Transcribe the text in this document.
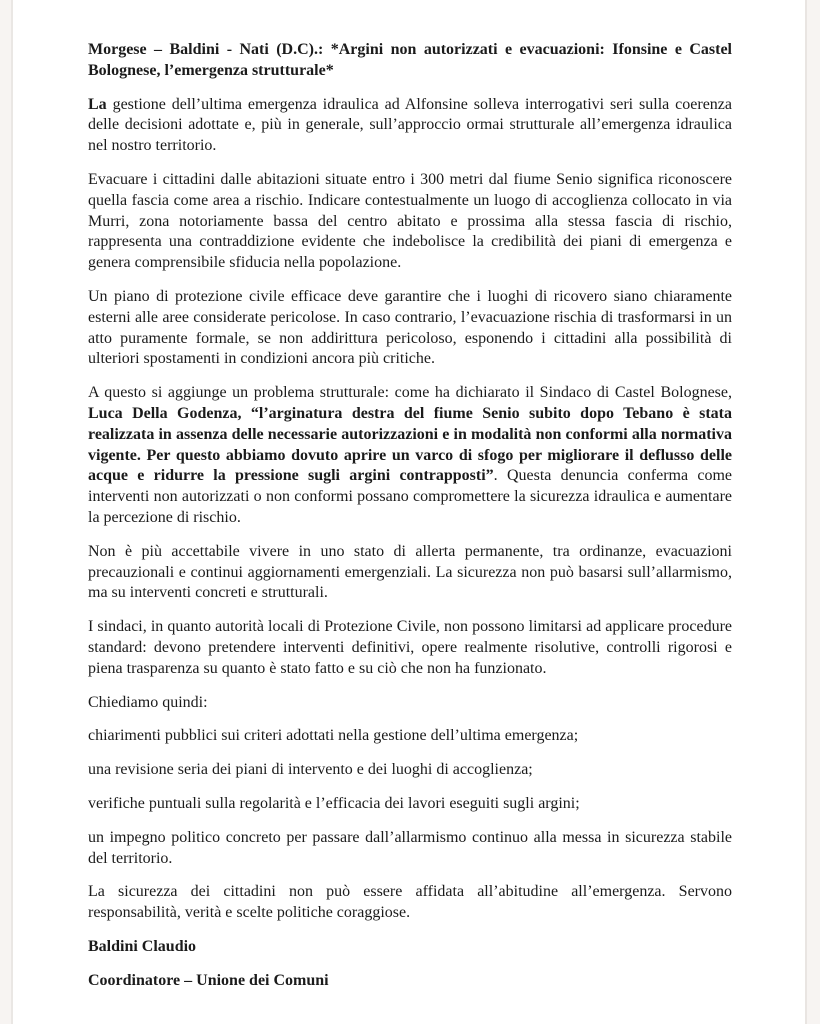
Morgese – Baldini - Nati (D.C).: *Argini non autorizzati e evacuazioni: Ifonsine e Castel
Bolognese, l’emergenza strutturale*

La gestione dell’ultima emergenza idraulica ad Alfonsine solleva interrogativi seri sulla coerenza delle decisioni adottate e, più in generale, sull’approccio ormai strutturale all’emergenza idraulica nel nostro territorio.

Evacuare i cittadini dalle abitazioni situate entro i 300 metri dal fiume Senio significa riconoscere quella fascia come area a rischio. Indicare contestualmente un luogo di accoglienza collocato in via Murri, zona notoriamente bassa del centro abitato e prossima alla stessa fascia di rischio, rappresenta una contraddizione evidente che indebolisce la credibilità dei piani di emergenza e genera comprensibile sfiducia nella popolazione.

Un piano di protezione civile efficace deve garantire che i luoghi di ricovero siano chiaramente esterni alle aree considerate pericolose. In caso contrario, l’evacuazione rischia di trasformarsi in un atto puramente formale, se non addirittura pericoloso, esponendo i cittadini alla possibilità di ulteriori spostamenti in condizioni ancora più critiche.

A questo si aggiunge un problema strutturale: come ha dichiarato il Sindaco di Castel Bolognese, Luca Della Godenza, “l’arginatura destra del fiume Senio subito dopo Tebano è stata realizzata in assenza delle necessarie autorizzazioni e in modalità non conformi alla normativa vigente. Per questo abbiamo dovuto aprire un varco di sfogo per migliorare il deflusso delle acque e ridurre la pressione sugli argini contrapposti”. Questa denuncia conferma come interventi non autorizzati o non conformi possano compromettere la sicurezza idraulica e aumentare la percezione di rischio.

Non è più accettabile vivere in uno stato di allerta permanente, tra ordinanze, evacuazioni precauzionali e continui aggiornamenti emergenziali. La sicurezza non può basarsi sull’allarmismo, ma su interventi concreti e strutturali.

I sindaci, in quanto autorità locali di Protezione Civile, non possono limitarsi ad applicare procedure standard: devono pretendere interventi definitivi, opere realmente risolutive, controlli rigorosi e piena trasparenza su quanto è stato fatto e su ciò che non ha funzionato.

Chiediamo quindi:

chiarimenti pubblici sui criteri adottati nella gestione dell’ultima emergenza;

una revisione seria dei piani di intervento e dei luoghi di accoglienza;

verifiche puntuali sulla regolarità e l’efficacia dei lavori eseguiti sugli argini;

un impegno politico concreto per passare dall’allarmismo continuo alla messa in sicurezza stabile del territorio.

La sicurezza dei cittadini non può essere affidata all’abitudine all’emergenza. Servono responsabilità, verità e scelte politiche coraggiose.

Baldini Claudio

Coordinatore – Unione dei Comuni
